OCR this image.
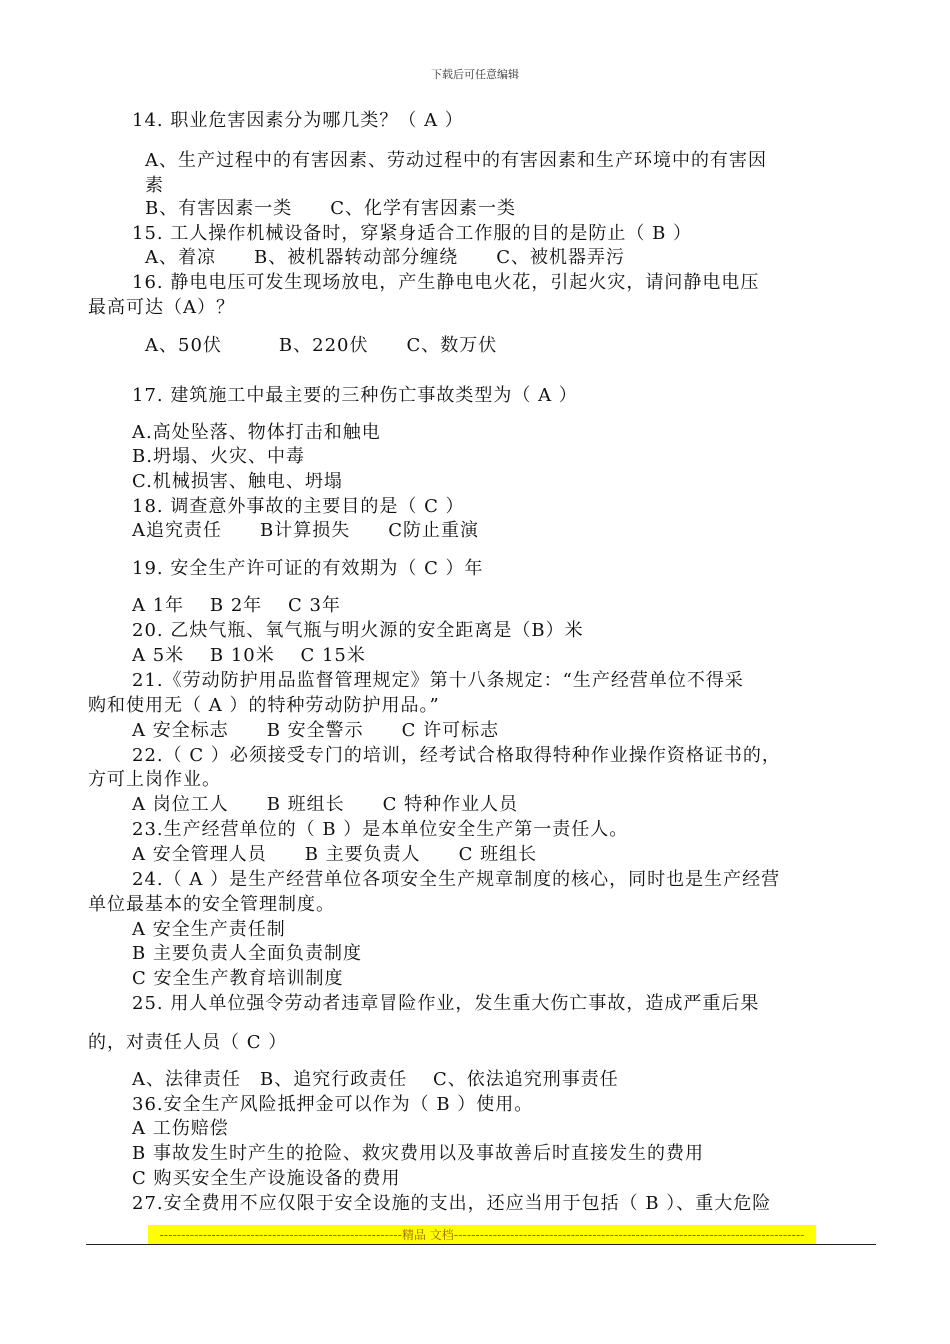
下载后可任意编辑
14. 职业危害因素分为哪几类？（ A ）
A、生产过程中的有害因素、劳动过程中的有害因素和生产环境中的有害因
素
B、有害因素一类　　C、化学有害因素一类
15. 工人操作机械设备时，穿紧身适合工作服的目的是防止（ B ）
A、着凉　　B、被机器转动部分缠绕　　C、被机器弄污
16. 静电电压可发生现场放电，产生静电电火花，引起火灾，请问静电电压
最高可达（A）？
A、50伏　　　B、220伏　　C、数万伏
17. 建筑施工中最主要的三种伤亡事故类型为（ A ）
A.高处坠落、物体打击和触电
B.坍塌、火灾、中毒
C.机械损害、触电、坍塌
18. 调查意外事故的主要目的是（ C ）
A追究责任　　B计算损失　　C防止重演
19. 安全生产许可证的有效期为（ C ）年
A 1年　 B 2年　 C 3年
20. 乙炔气瓶、氧气瓶与明火源的安全距离是（B）米
A 5米　 B 10米　 C 15米
21.《劳动防护用品监督管理规定》第十八条规定：“生产经营单位不得采
购和使用无（ A ）的特种劳动防护用品。”
A 安全标志　　B 安全警示　　C 许可标志
22.（ C ）必须接受专门的培训，经考试合格取得特种作业操作资格证书的，
方可上岗作业。
A 岗位工人　　B 班组长　　C 特种作业人员
23.生产经营单位的（ B ）是本单位安全生产第一责任人。
A 安全管理人员　　B 主要负责人　　C 班组长
24.（ A ）是生产经营单位各项安全生产规章制度的核心，同时也是生产经营
单位最基本的安全管理制度。
A 安全生产责任制
B 主要负责人全面负责制度
C 安全生产教育培训制度
25. 用人单位强令劳动者违章冒险作业，发生重大伤亡事故，造成严重后果
的，对责任人员（ C ）
A、法律责任　B、追究行政责任　 C、依法追究刑事责任
36.安全生产风险抵押金可以作为（ B ）使用。
A 工伤赔偿
B 事故发生时产生的抢险、救灾费用以及事故善后时直接发生的费用
C 购买安全生产设施设备的费用
27.安全费用不应仅限于安全设施的支出，还应当用于包括（ B ）、重大危险
--------------------------------------------------------精品 文档---------------------------------------------------------------------------------
